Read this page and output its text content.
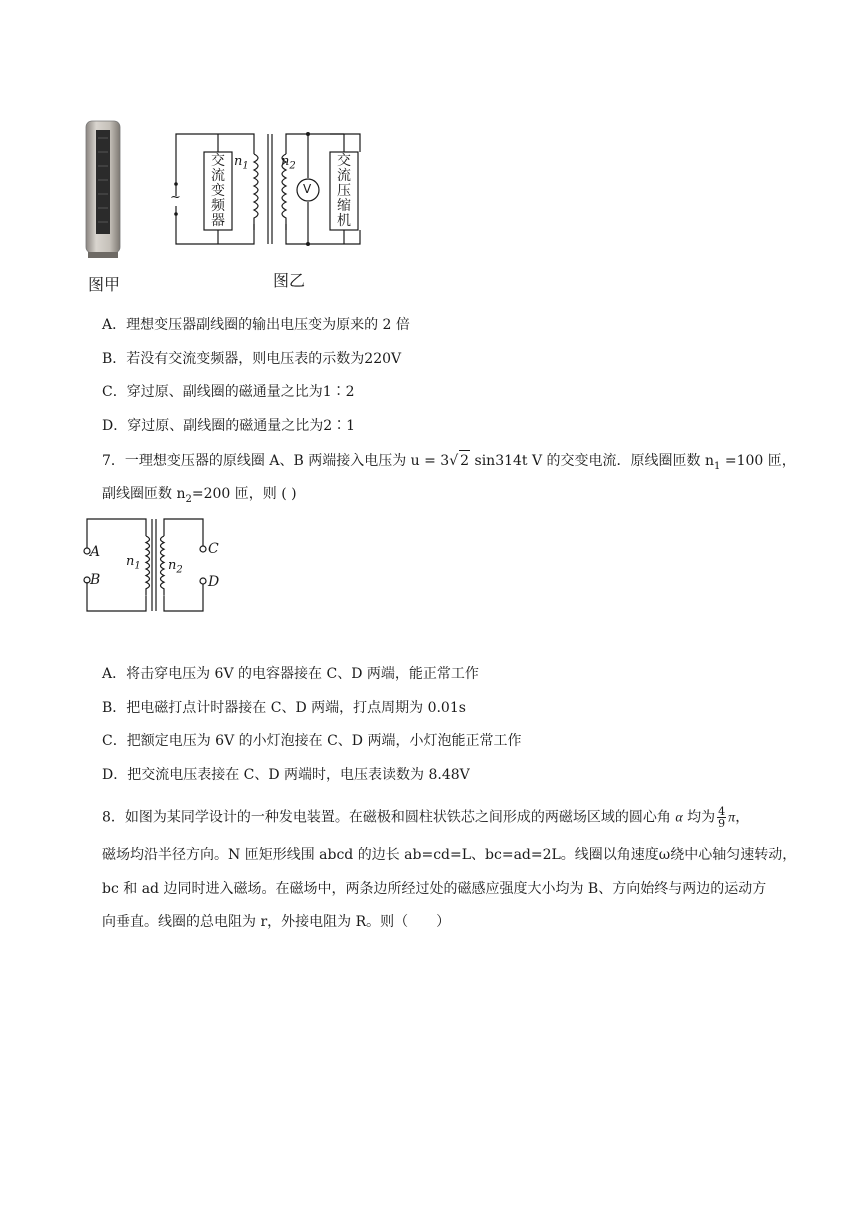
图甲
~
$n_1$ $n_2$
V
交流变频器
交流压缩机
图乙
A．理想变压器副线圈的输出电压变为原来的 2 倍
B．若没有交流变频器，则电压表的示数为220V
C．穿过原、副线圈的磁通量之比为1∶2
D．穿过原、副线圈的磁通量之比为2∶1
7．一理想变压器的原线圈 A、B 两端接入电压为 u = 3√ 2 sin314t V 的交变电流．原线圈匝数 $n_1 =100$ 匝，
副线圈匝数 $n_2=200$ 匝，则 ( )
A
B
C
D
$n_1$ $n_2$
A．将击穿电压为 6V 的电容器接在 C、D 两端，能正常工作
B．把电磁打点计时器接在 C、D 两端，打点周期为 0.01s
C．把额定电压为 6V 的小灯泡接在 C、D 两端，小灯泡能正常工作
D．把交流电压表接在 C、D 两端时，电压表读数为 8.48V
8．如图为某同学设计的一种发电装置。在磁极和圆柱状铁芯之间形成的两磁场区域的圆心角 α 均为 $\frac{4}{9}$ π，
磁场均沿半径方向。N 匝矩形线围 abcd 的边长 ab=cd=L、bc=ad=2L。线圈以角速度ω绕中心轴匀速转动，
bc 和 ad 边同时进入磁场。在磁场中，两条边所经过处的磁感应强度大小均为 B、方向始终与两边的运动方
向垂直。线圈的总电阻为 r，外接电阻为 R。则（　　）
